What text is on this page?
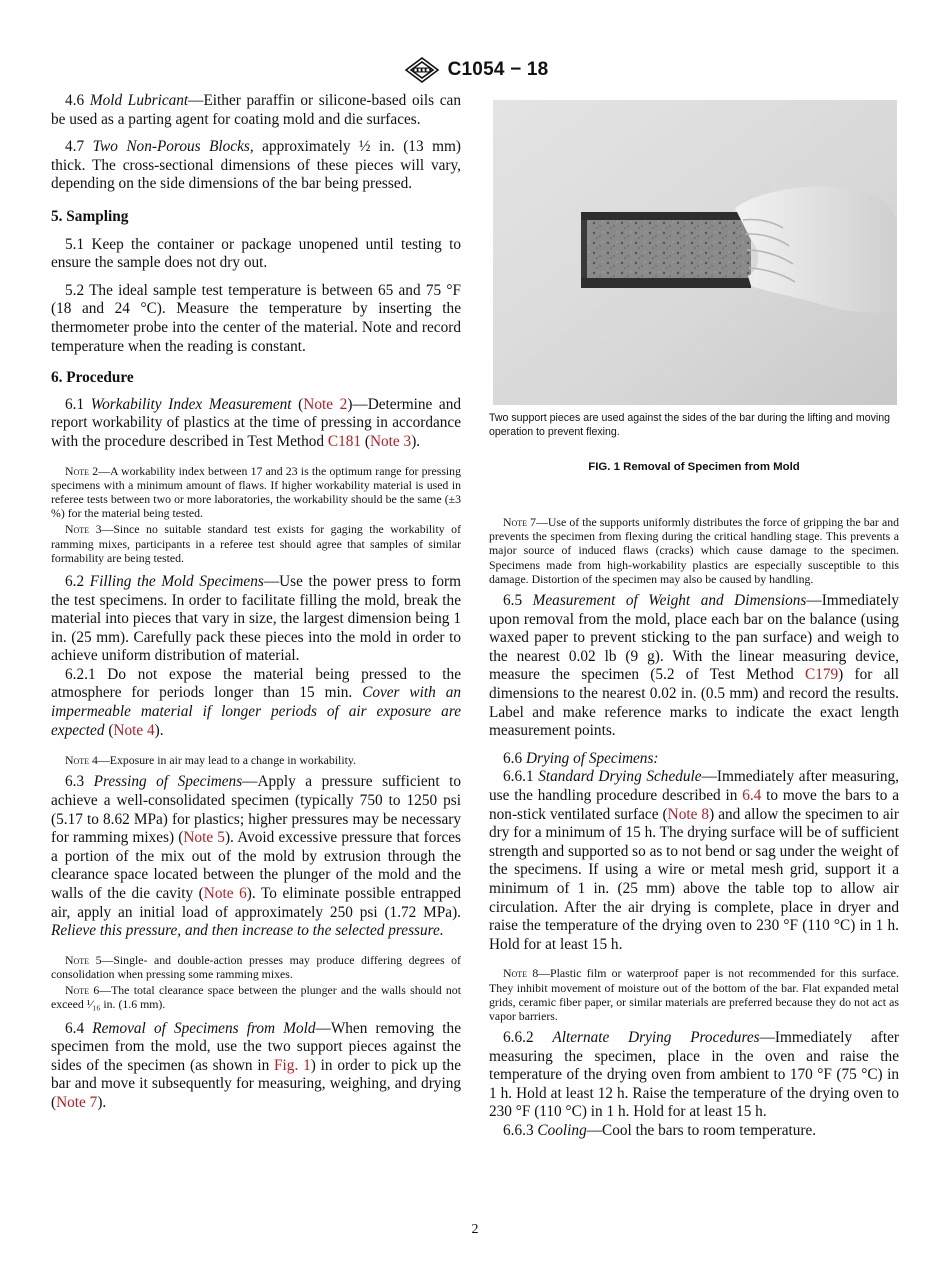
C1054 − 18

4.6 Mold Lubricant—Either paraffin or silicone-based oils can be used as a parting agent for coating mold and die surfaces.

4.7 Two Non-Porous Blocks, approximately ½ in. (13 mm) thick. The cross-sectional dimensions of these pieces will vary, depending on the side dimensions of the bar being pressed.

5. Sampling

5.1 Keep the container or package unopened until testing to ensure the sample does not dry out.

5.2 The ideal sample test temperature is between 65 and 75 °F (18 and 24 °C). Measure the temperature by inserting the thermometer probe into the center of the material. Note and record temperature when the reading is constant.

6. Procedure

6.1 Workability Index Measurement (Note 2)—Determine and report workability of plastics at the time of pressing in accordance with the procedure described in Test Method C181 (Note 3).

Note 2—A workability index between 17 and 23 is the optimum range for pressing specimens with a minimum amount of flaws. If higher workability material is used in referee tests between two or more laboratories, the workability should be the same (±3 %) for the material being tested.

Note 3—Since no suitable standard test exists for gaging the workability of ramming mixes, participants in a referee test should agree that samples of similar formability are being tested.

6.2 Filling the Mold Specimens—Use the power press to form the test specimens. In order to facilitate filling the mold, break the material into pieces that vary in size, the largest dimension being 1 in. (25 mm). Carefully pack these pieces into the mold in order to achieve uniform distribution of material.

6.2.1 Do not expose the material being pressed to the atmosphere for periods longer than 15 min. Cover with an impermeable material if longer periods of air exposure are expected (Note 4).

Note 4—Exposure in air may lead to a change in workability.

6.3 Pressing of Specimens—Apply a pressure sufficient to achieve a well-consolidated specimen (typically 750 to 1250 psi (5.17 to 8.62 MPa) for plastics; higher pressures may be necessary for ramming mixes) (Note 5). Avoid excessive pressure that forces a portion of the mix out of the mold by extrusion through the clearance space located between the plunger of the mold and the walls of the die cavity (Note 6). To eliminate possible entrapped air, apply an initial load of approximately 250 psi (1.72 MPa). Relieve this pressure, and then increase to the selected pressure.

Note 5—Single- and double-action presses may produce differing degrees of consolidation when pressing some ramming mixes.

Note 6—The total clearance space between the plunger and the walls should not exceed ¹⁄₁₆ in. (1.6 mm).

6.4 Removal of Specimens from Mold—When removing the specimen from the mold, use the two support pieces against the sides of the specimen (as shown in Fig. 1) in order to pick up the bar and move it subsequently for measuring, weighing, and drying (Note 7).

Two support pieces are used against the sides of the bar during the lifting and moving operation to prevent flexing.

FIG. 1 Removal of Specimen from Mold

Note 7—Use of the supports uniformly distributes the force of gripping the bar and prevents the specimen from flexing during the critical handling stage. This prevents a major source of induced flaws (cracks) which cause damage to the specimen. Specimens made from high-workability plastics are especially susceptible to this damage. Distortion of the specimen may also be caused by handling.

6.5 Measurement of Weight and Dimensions—Immediately upon removal from the mold, place each bar on the balance (using waxed paper to prevent sticking to the pan surface) and weigh to the nearest 0.02 lb (9 g). With the linear measuring device, measure the specimen (5.2 of Test Method C179) for all dimensions to the nearest 0.02 in. (0.5 mm) and record the results. Label and make reference marks to indicate the exact length measurement points.

6.6 Drying of Specimens:

6.6.1 Standard Drying Schedule—Immediately after measuring, use the handling procedure described in 6.4 to move the bars to a non-stick ventilated surface (Note 8) and allow the specimen to air dry for a minimum of 15 h. The drying surface will be of sufficient strength and supported so as to not bend or sag under the weight of the specimens. If using a wire or metal mesh grid, support it a minimum of 1 in. (25 mm) above the table top to allow air circulation. After the air drying is complete, place in dryer and raise the temperature of the drying oven to 230 °F (110 °C) in 1 h. Hold for at least 15 h.

Note 8—Plastic film or waterproof paper is not recommended for this surface. They inhibit movement of moisture out of the bottom of the bar. Flat expanded metal grids, ceramic fiber paper, or similar materials are preferred because they do not act as vapor barriers.

6.6.2 Alternate Drying Procedures—Immediately after measuring the specimen, place in the oven and raise the temperature of the drying oven from ambient to 170 °F (75 °C) in 1 h. Hold at least 12 h. Raise the temperature of the drying oven to 230 °F (110 °C) in 1 h. Hold for at least 15 h.

6.6.3 Cooling—Cool the bars to room temperature.

2
